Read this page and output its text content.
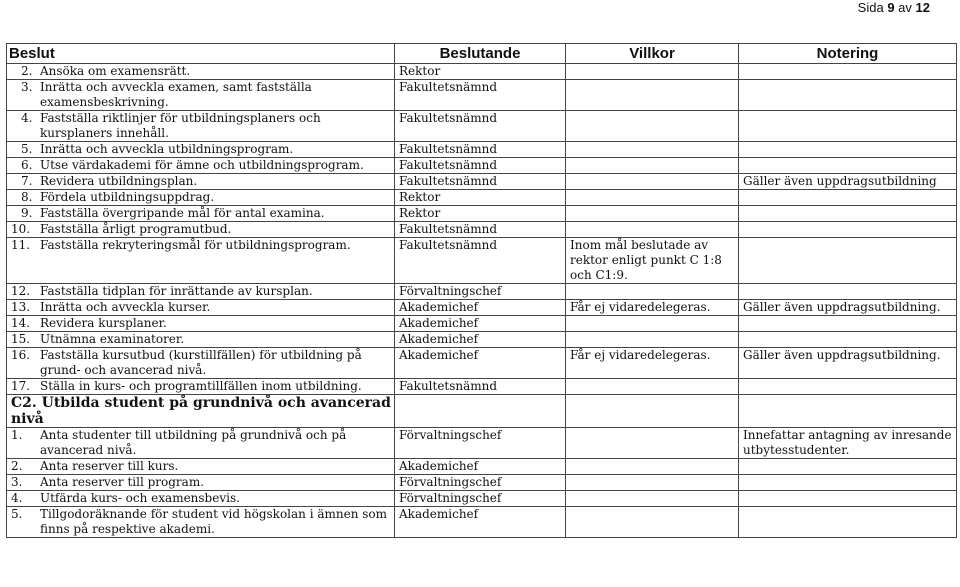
Sida 9 av 12
Beslut	Beslutande	Villkor	Notering

2. Ansöka om examensrätt.	Rektor		

3. Inrätta och avveckla examen, samt fastställa examensbeskrivning.	Fakultetsnämnd		

4. Fastställa riktlinjer för utbildningsplaners och kursplaners innehåll.	Fakultetsnämnd		

5. Inrätta och avveckla utbildningsprogram.	Fakultetsnämnd		

6. Utse värdakademi för ämne och utbildningsprogram.	Fakultetsnämnd		

7. Revidera utbildningsplan.	Fakultetsnämnd		Gäller även uppdragsutbildning

8. Fördela utbildningsuppdrag.	Rektor		

9. Fastställa övergripande mål för antal examina.	Rektor		

10. Fastställa årligt programutbud.	Fakultetsnämnd		

11. Fastställa rekryteringsmål för utbildningsprogram.	Fakultetsnämnd	Inom mål beslutade av rektor enligt punkt C 1:8 och C1:9.	

12. Fastställa tidplan för inrättande av kursplan.	Förvaltningschef		

13. Inrätta och avveckla kurser.	Akademichef	Får ej vidaredelegeras.	Gäller även uppdragsutbildning.

14. Revidera kursplaner.	Akademichef		

15. Utnämna examinatorer.	Akademichef		

16. Fastställa kursutbud (kurstillfällen) för utbildning på grund- och avancerad nivå.	Akademichef	Får ej vidaredelegeras.	Gäller även uppdragsutbildning.

17. Ställa in kurs- och programtillfällen inom utbildning.	Fakultetsnämnd		
C2. Utbilda student på grundnivå och avancerad nivå			

1. Anta studenter till utbildning på grundnivå och på avancerad nivå.	Förvaltningschef		Innefattar antagning av inresande utbytesstudenter.

2. Anta reserver till kurs.	Akademichef		

3. Anta reserver till program.	Förvaltningschef		

4. Utfärda kurs- och examensbevis.	Förvaltningschef		

5. Tillgodoräknande för student vid högskolan i ämnen som finns på respektive akademi.	Akademichef		
